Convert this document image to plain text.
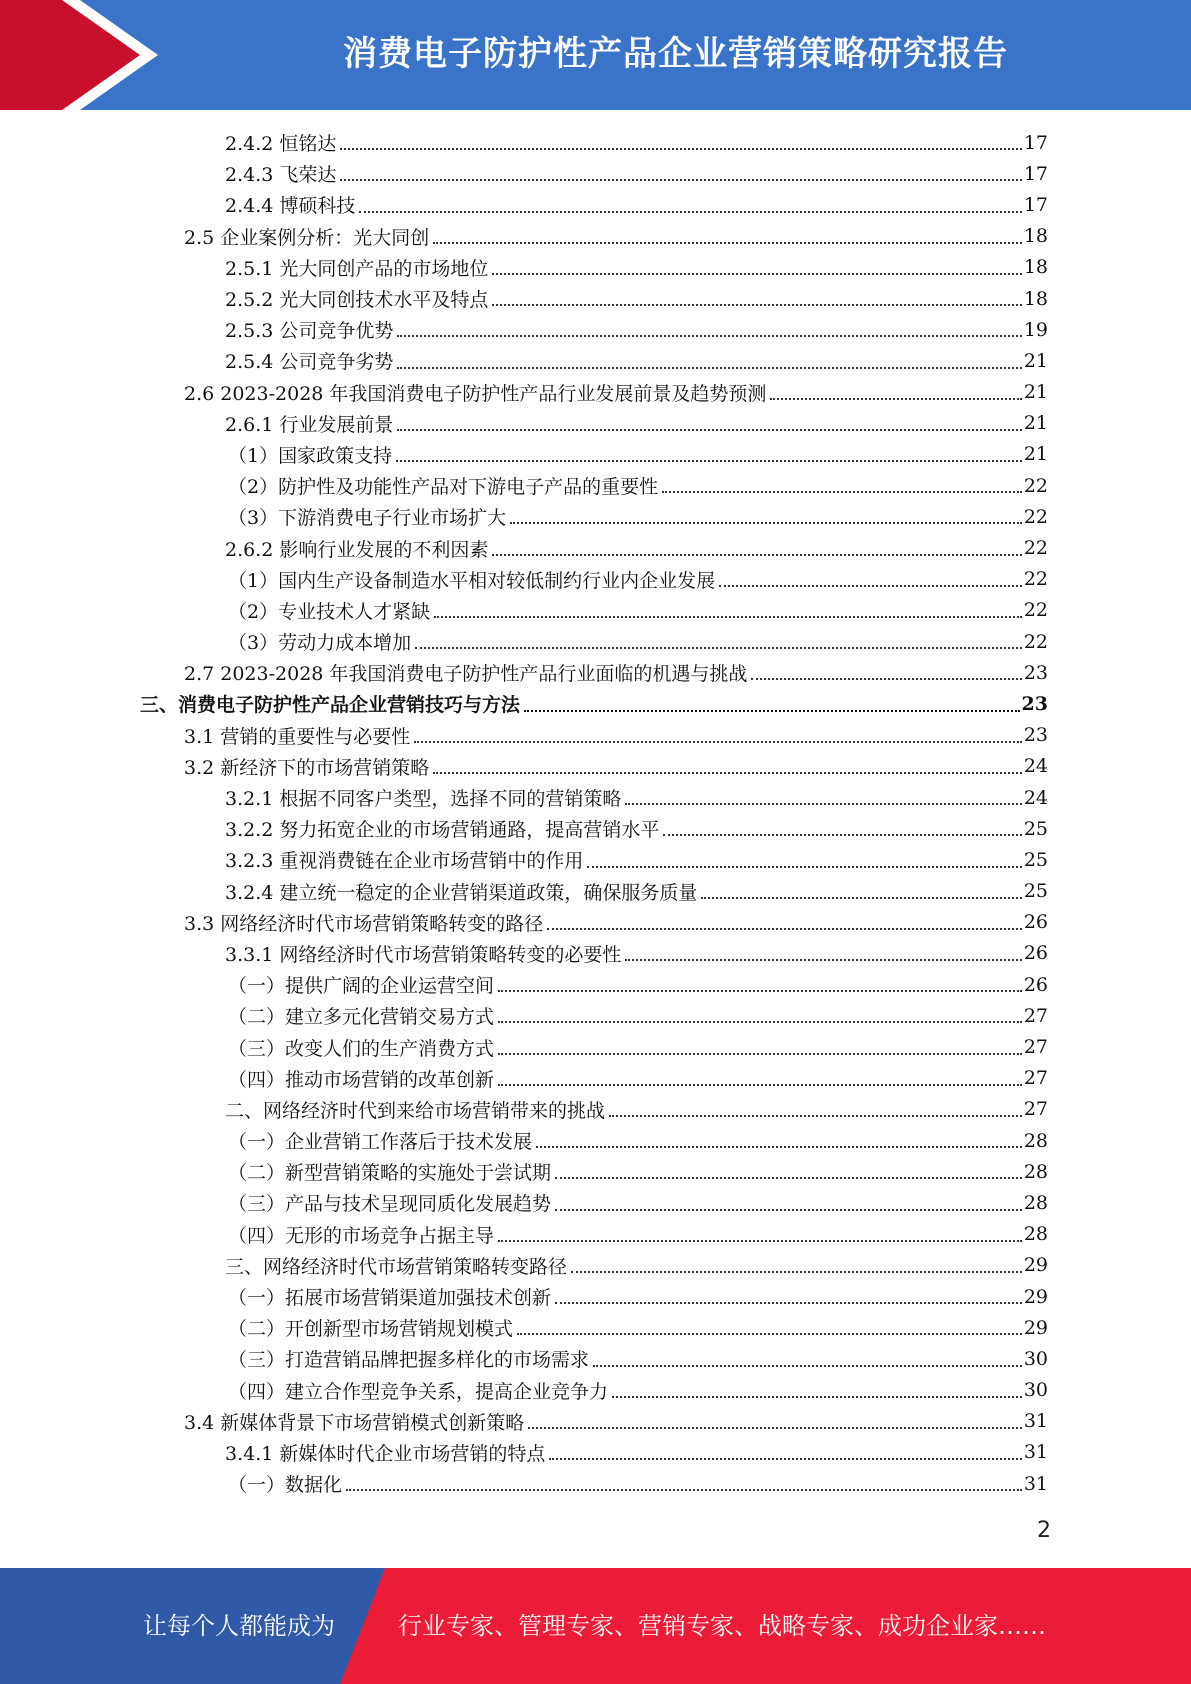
消费电子防护性产品企业营销策略研究报告
2.4.2 恒铭达	17
2.4.3 飞荣达	17
2.4.4 博硕科技	17
2.5 企业案例分析：光大同创	18
2.5.1 光大同创产品的市场地位	18
2.5.2 光大同创技术水平及特点	18
2.5.3 公司竞争优势	19
2.5.4 公司竞争劣势	21
2.6 2023-2028 年我国消费电子防护性产品行业发展前景及趋势预测	21
2.6.1 行业发展前景	21
（1）国家政策支持	21
（2）防护性及功能性产品对下游电子产品的重要性	22
（3）下游消费电子行业市场扩大	22
2.6.2 影响行业发展的不利因素	22
（1）国内生产设备制造水平相对较低制约行业内企业发展	22
（2）专业技术人才紧缺	22
（3）劳动力成本增加	22
2.7 2023-2028 年我国消费电子防护性产品行业面临的机遇与挑战	23
三、消费电子防护性产品企业营销技巧与方法	23
3.1 营销的重要性与必要性	23
3.2 新经济下的市场营销策略	24
3.2.1 根据不同客户类型，选择不同的营销策略	24
3.2.2 努力拓宽企业的市场营销通路，提高营销水平	25
3.2.3 重视消费链在企业市场营销中的作用	25
3.2.4 建立统一稳定的企业营销渠道政策，确保服务质量	25
3.3 网络经济时代市场营销策略转变的路径	26
3.3.1 网络经济时代市场营销策略转变的必要性	26
（一）提供广阔的企业运营空间	26
（二）建立多元化营销交易方式	27
（三）改变人们的生产消费方式	27
（四）推动市场营销的改革创新	27
二、网络经济时代到来给市场营销带来的挑战	27
（一）企业营销工作落后于技术发展	28
（二）新型营销策略的实施处于尝试期	28
（三）产品与技术呈现同质化发展趋势	28
（四）无形的市场竞争占据主导	28
三、网络经济时代市场营销策略转变路径	29
（一）拓展市场营销渠道加强技术创新	29
（二）开创新型市场营销规划模式	29
（三）打造营销品牌把握多样化的市场需求	30
（四）建立合作型竞争关系，提高企业竞争力	30
3.4 新媒体背景下市场营销模式创新策略	31
3.4.1 新媒体时代企业市场营销的特点	31
（一）数据化	31
2
让每个人都能成为	行业专家、管理专家、营销专家、战略专家、成功企业家……
